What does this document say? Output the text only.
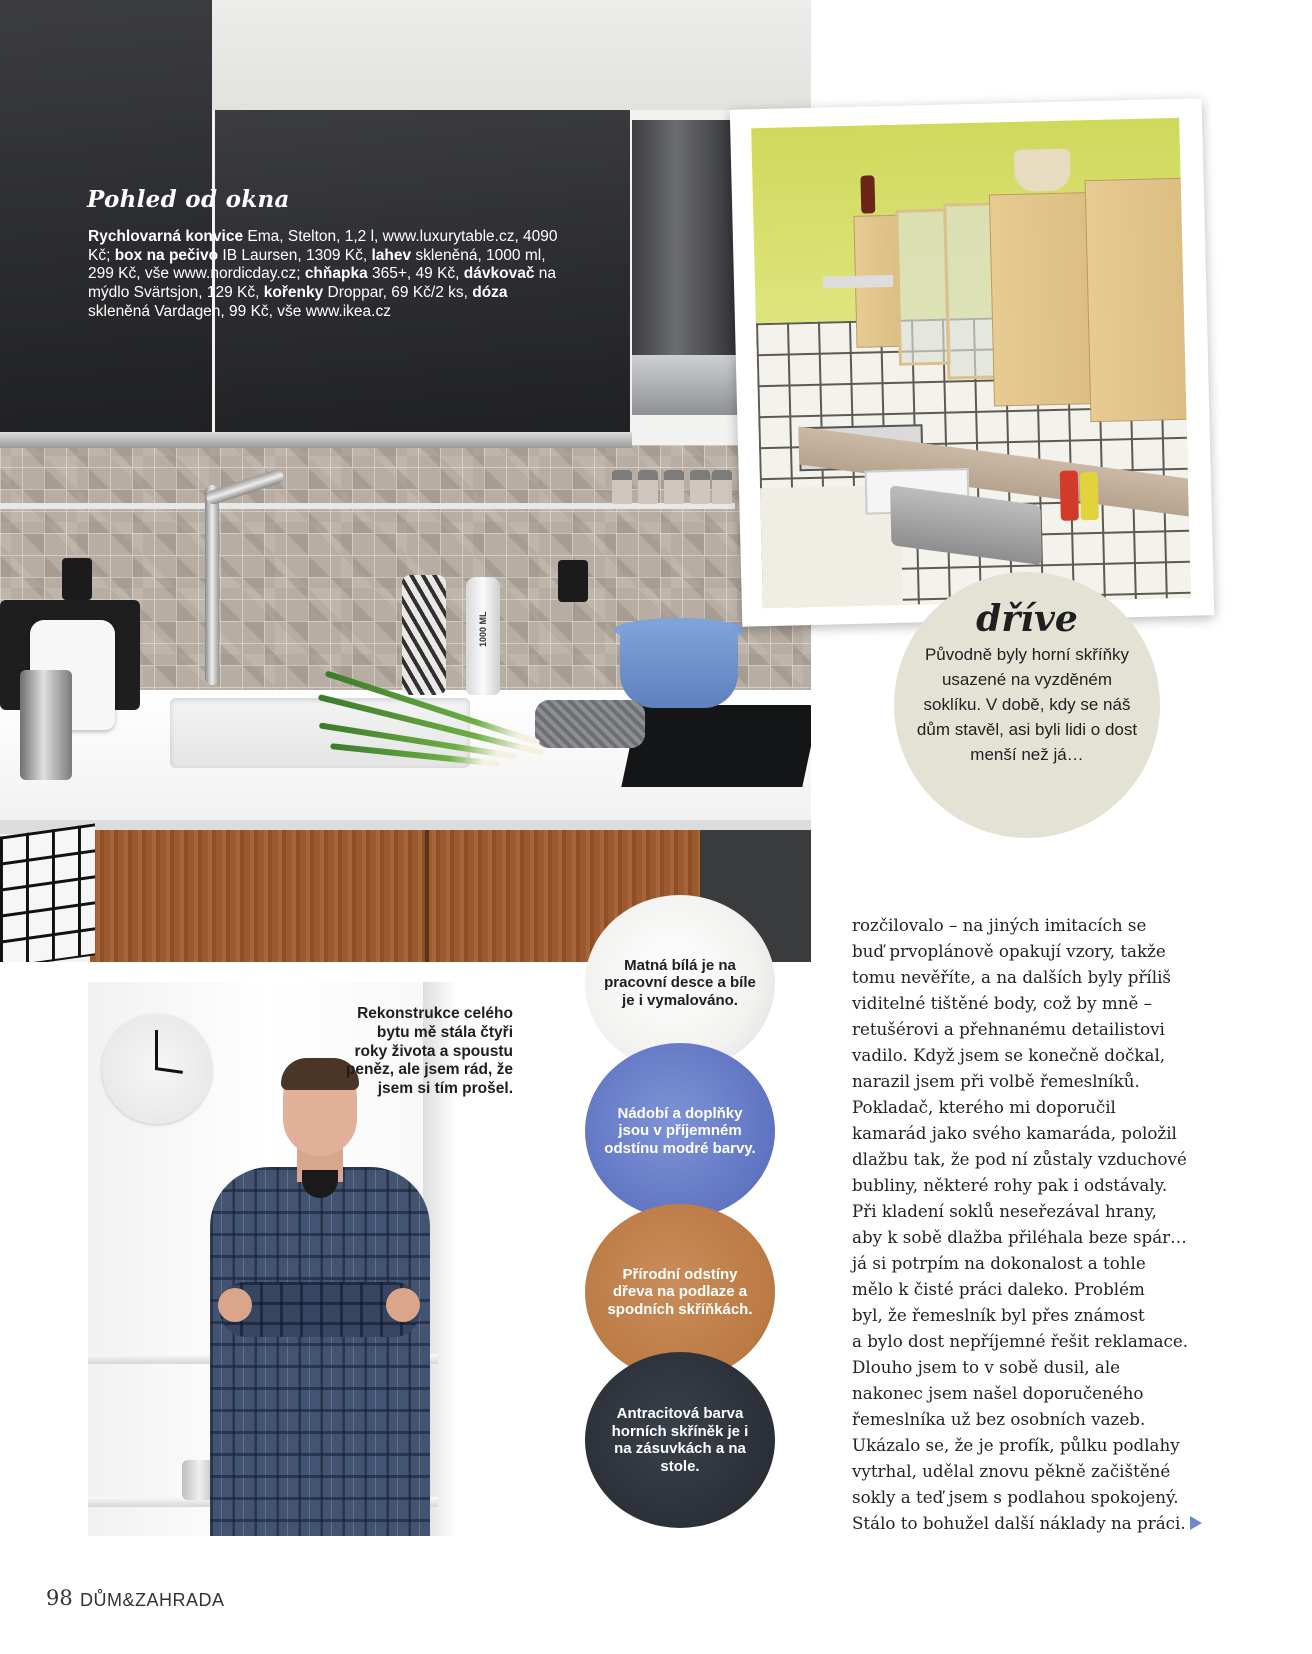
1000 ML
Pohled od okna

Rychlovarná konvice Ema, Stelton, 1,2 l, www.luxurytable.cz, 4090 Kč; box na pečivo IB Laursen, 1309 Kč, lahev skleněná, 1000 ml, 299 Kč, vše www.nordicday.cz; chňapka 365+, 49 Kč, dávkovač na mýdlo Svärtsjon, 129 Kč, kořenky Droppar, 69 Kč/2 ks, dóza skleněná Vardagen, 99 Kč, vše www.ikea.cz

dříve

Původně byly horní skříňky usazené na vyzděném soklíku. V době, kdy se náš dům stavěl, asi byli lidi o dost menší než já…

Rekonstrukce celého bytu mě stála čtyři roky života a spoustu peněz, ale jsem rád, že jsem si tím prošel.

Matná bílá je na pracovní desce a bíle je i vymalováno.

Nádobí a doplňky jsou v příjemném odstínu modré barvy.

Přírodní odstíny dřeva na podlaze a spodních skříňkách.

Antracitová barva horních skříněk je i na zásuvkách a na stole.

rozčilovalo – na jiných imitacích se
buď prvoplánově opakují vzory, takže
tomu nevěříte, a na dalších byly příliš
viditelné tištěné body, což by mně –
retušérovi a přehnanému detailistovi
vadilo. Když jsem se konečně dočkal,
narazil jsem při volbě řemeslníků.
Pokladač, kterého mi doporučil
kamarád jako svého kamaráda, položil
dlažbu tak, že pod ní zůstaly vzduchové
bubliny, některé rohy pak i odstávaly.
Při kladení soklů neseřezával hrany,
aby k sobě dlažba přiléhala beze spár…
já si potrpím na dokonalost a tohle
mělo k čisté práci daleko. Problém
byl, že řemeslník byl přes známost
a bylo dost nepříjemné řešit reklamace.
Dlouho jsem to v sobě dusil, ale
nakonec jsem našel doporučeného
řemeslníka už bez osobních vazeb.
Ukázalo se, že je profík, půlku podlahy
vytrhal, udělal znovu pěkně začištěné
sokly a teď jsem s podlahou spokojený.
Stálo to bohužel další náklady na práci.

98 DŮM&ZAHRADA
